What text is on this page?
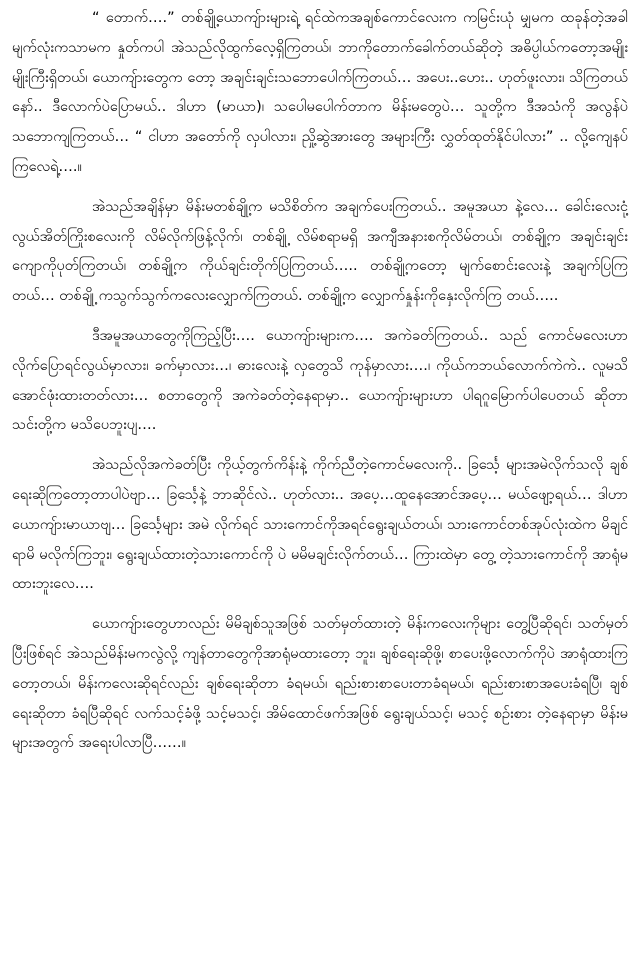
“ တောက်….” တစ်ချို့ယောကျ်ားများရဲ့ ရင်ထဲကအချစ်ကောင်လေးက ကမြင်းယုံ မျှမက ထခုန်တဲ့အခါ မျက်လုံးကသာမက နှုတ်ကပါ အဲသည်လိုထွက်လေ့ရှိကြတယ်၊ ဘာကိုတောက်ခေါက်တယ်ဆိုတဲ့ အဓိပ္ပါယ်ကတော့အမျိုးမျိုးကြီးရှိတယ်၊ ယောကျ်ားတွေက တော့ အချင်းချင်းသဘောပေါက်ကြတယ်… အပေး..ဟေး.. ဟုတ်ဖူးလား၊ သိကြတယ်နော်.. ဒီလောက်ပဲပြောမယ်.. ဒါဟာ (မာယာ)၊ သပေါမပေါက်တာက မိန်းမတွေပဲ… သူတို့က ဒီအသံကို အလွန်ပဲသဘောကျကြတယ်… “ ငါဟာ အတော်ကို လှပါလား၊ ညှို့ဆွဲအားတွေ အများကြီး လွှတ်ထုတ်နိုင်ပါလား” .. လို့ကျေနပ်ကြလေရဲ့….။

အဲသည်အချိန်မှာ မိန်းမတစ်ချို့က မသိစိတ်က အချက်ပေးကြတယ်.. အမူအယာ နဲ့လေ… ခေါင်းလေးငုံ့ လွယ်အိတ်ကြိုးစလေးကို လိမ်လိုက်ဖြန့်လိုက်၊ တစ်ချို့ လိမ်စရာမရှိ အကျီအနားစကိုလိမ်တယ်၊ တစ်ချို့က အချင်းချင်းကျောကိုပုတ်ကြတယ်၊ တစ်ချို့က ကိုယ်ချင်းတိုက်ပြကြတယ်….. တစ်ချို့ကတော့ မျက်စောင်းလေးနဲ့ အချက်ပြကြတယ်… တစ်ချို့ ကသွက်သွက်ကလေးလျှောက်ကြတယ်. တစ်ချို့က လျှောက်နှုန်းကိုနှေးလိုက်ကြ တယ်…..

ဒီအမူအယာတွေကိုကြည့်ပြီး…. ယောကျ်ားများက…. အကဲခတ်ကြတယ်.. သည် ကောင်မလေးဟာ လိုက်ပြောရင်လွယ်မှာလား၊ ခက်မှာလား…၊ ဓားလေးနဲ့ လှတွေသိ ကုန်မှာလား….၊ ကိုယ်ကဘယ်လောက်ကဲကဲ.. လူမသိအောင်ဖုံးထားတတ်လား… စတာတွေကို အကဲခတ်တဲ့နေရာမှာ.. ယောကျ်ားများဟာ ပါရဂူမြောက်ပါပေတယ် ဆိုတာ သင်းတို့က မသိပေဘူးပျ….

အဲသည်လိုအကဲခတ်ပြီး ကိုယ့်တွက်ကိန်းနဲ့ ကိုက်ညီတဲ့ကောင်မလေးကို.. ခြင်္သေ့ များအမဲလိုက်သလို ချစ်ရေးဆိုကြတော့တာပါပဲဗျာ… ခြင်္သေ့နဲ့ ဘာဆိုင်လဲ.. ဟုတ်လား.. အပေ့…ထူနေအောင်အပေ့… မယ်ဖျော့ရယ်… ဒါဟာ ယောကျ်ားမာယာဗျ… ခြင်္သေ့များ အမဲ လိုက်ရင် သားကောင်ကိုအရင်ရွေးချယ်တယ်၊ သားကောင်တစ်အုပ်လုံးထဲက မိချင်ရာမိ မလိုက်ကြဘူး၊ ရွေးချယ်ထားတဲ့သားကောင်ကို ပဲ မမိမချင်းလိုက်တယ်… ကြားထဲမှာ တွေ့ တဲ့သားကောင်ကို အာရုံမထားဘူးလေ….

ယောကျ်ားတွေဟာလည်း မိမိချစ်သူအဖြစ် သတ်မှတ်ထားတဲ့ မိန်းကလေးကိုများ တွေ့ပြီဆိုရင်၊ သတ်မှတ်ပြီးဖြစ်ရင် အဲသည်မိန်းမကလွဲလို့ ကျန်တာတွေကိုအာရုံမထားတော့ ဘူး၊ ချစ်ရေးဆိုဖို့၊ စာပေးဖို့လောက်ကိုပဲ အာရုံထားကြတော့တယ်၊ မိန်းကလေးဆိုရင်လည်း ချစ်ရေးဆိုတာ ခံရမယ်၊ ရည်းစားစာပေးတာခံရမယ်၊ ရည်းစားစာအပေးခံရပြီ၊ ချစ်ရေးဆိုတာ ခံရပြီဆိုရင် လက်သင့်ခံဖို့ သင့်မသင့်၊ အိမ်ထောင်ဖက်အဖြစ် ရွေးချယ်သင့်၊ မသင့် စဉ်းစား တဲ့နေရာမှာ မိန်းမများအတွက် အရေးပါလာပြီ……။
